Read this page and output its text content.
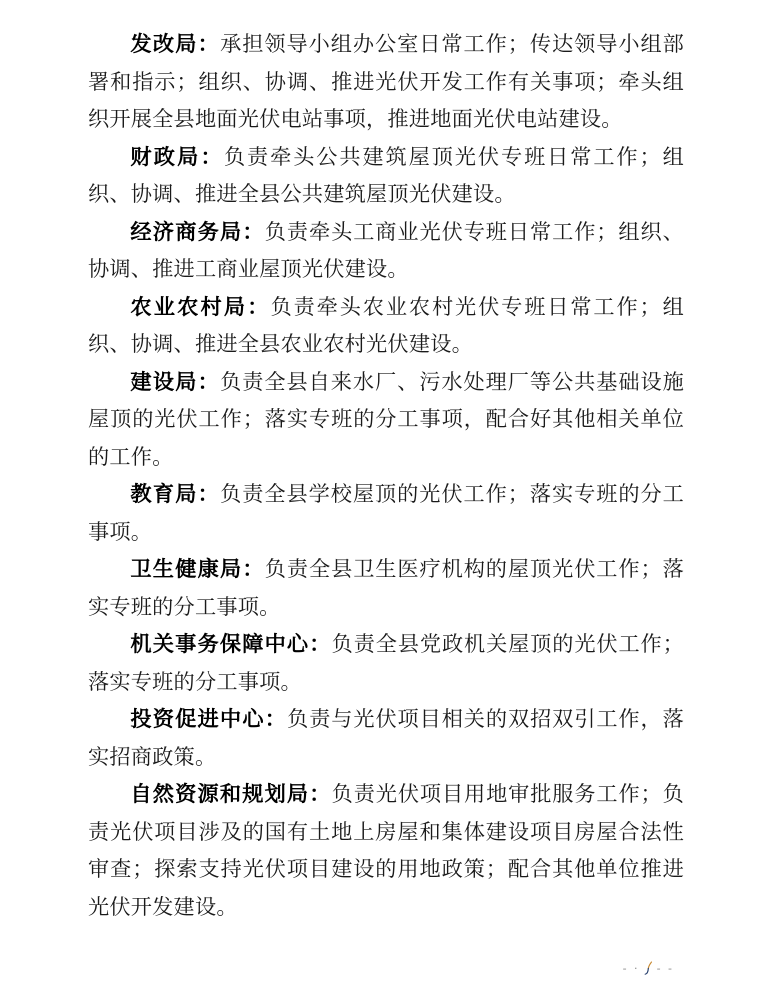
发改局：承担领导小组办公室日常工作；传达领导小组部署和指示；组织、协调、推进光伏开发工作有关事项；牵头组织开展全县地面光伏电站事项，推进地面光伏电站建设。

财政局：负责牵头公共建筑屋顶光伏专班日常工作；组织、协调、推进全县公共建筑屋顶光伏建设。

经济商务局：负责牵头工商业光伏专班日常工作；组织、协调、推进工商业屋顶光伏建设。

农业农村局：负责牵头农业农村光伏专班日常工作；组织、协调、推进全县农业农村光伏建设。

建设局：负责全县自来水厂、污水处理厂等公共基础设施屋顶的光伏工作；落实专班的分工事项，配合好其他相关单位的工作。

教育局：负责全县学校屋顶的光伏工作；落实专班的分工事项。

卫生健康局：负责全县卫生医疗机构的屋顶光伏工作；落实专班的分工事项。

机关事务保障中心：负责全县党政机关屋顶的光伏工作；落实专班的分工事项。

投资促进中心：负责与光伏项目相关的双招双引工作，落实招商政策。

自然资源和规划局：负责光伏项目用地审批服务工作；负责光伏项目涉及的国有土地上房屋和集体建设项目房屋合法性审查；探索支持光伏项目建设的用地政策；配合其他单位推进光伏开发建设。

- · - -
